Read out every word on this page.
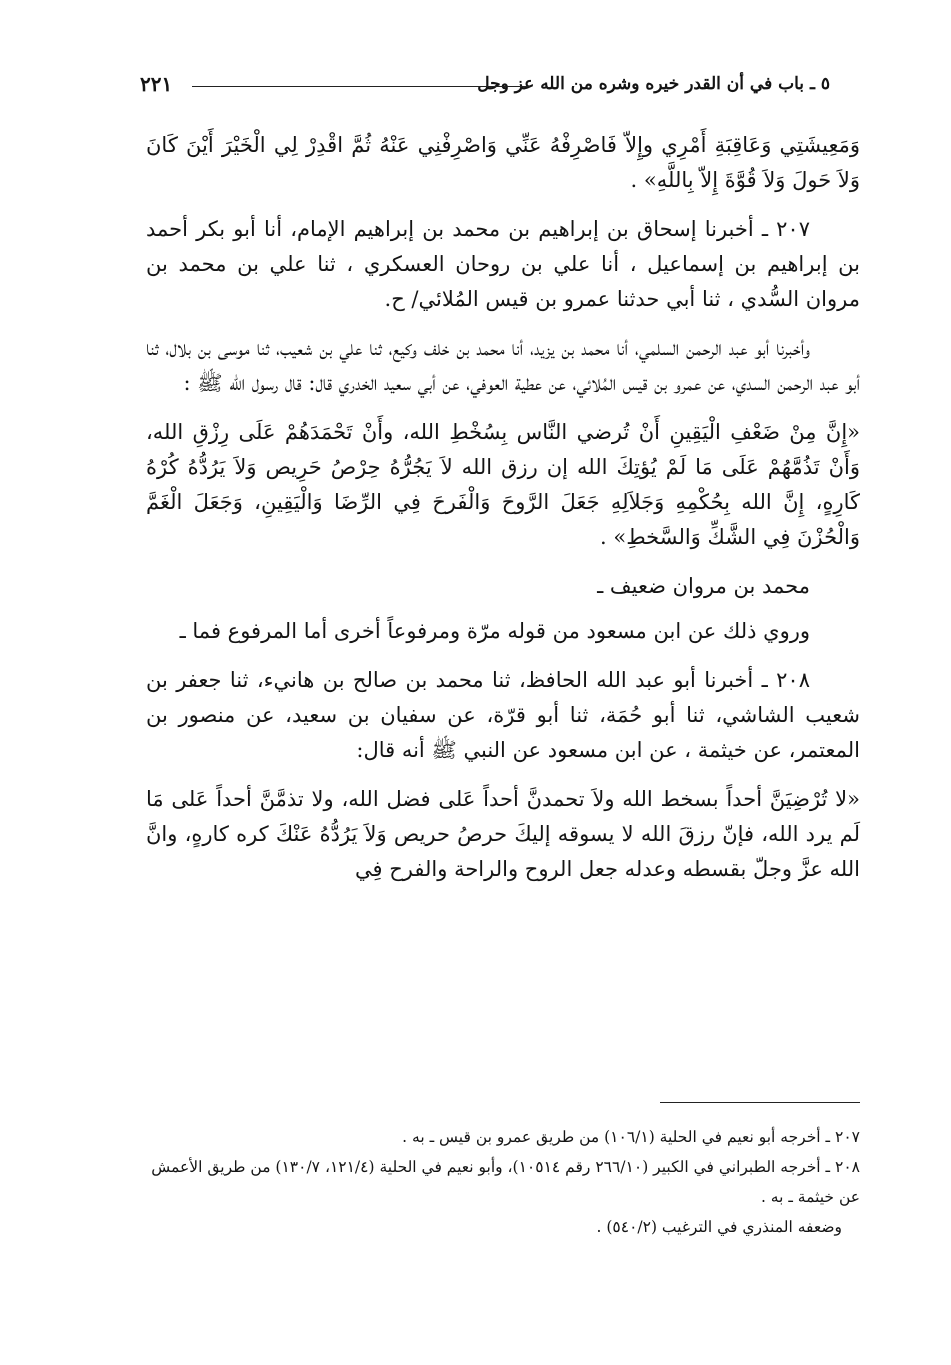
٥ ـ باب في أن القدر خيره وشره من الله عز وجل
٢٢١

وَمَعِيشَتِي وَعَاقِبَةِ أَمْرِي وإِلاّ فَاصْرِفْهُ عَنِّي وَاصْرِفْنِي عَنْهُ ثُمَّ اقْدِرْ لِي الْخَيْرَ أَيْنَ كَانَ وَلاَ حَولَ وَلاَ قُوَّةَ إِلاّ بِاللَّهِ» .

٢٠٧ ـ أخبرنا إسحاق بن إبراهيم بن محمد بن إبراهيم الإمام، أنا أبو بكر أحمد بن إبراهيم بن إسماعيل ، أنا علي بن روحان العسكري ، ثنا علي بن محمد بن مروان السُّدي ، ثنا أبي حدثنا عمرو بن قيس المُلائي/ ح.

وأخبرنا أبو عبد الرحمن السلمي، أنا محمد بن يزيد، أنا محمد بن خلف وكيع، ثنا علي بن شعيب، ثنا موسى بن بلال، ثنا أبو عبد الرحمن السدي، عن عمرو بن قيس المُلائي، عن عطية العوفي، عن أبي سعيد الخدري قال: قال رسول الله ﷺ :

«إِنَّ مِنْ ضَعْفِ الْيَقِينِ أَنْ تُرضي النَّاس بِسُخْطِ الله، وأَنْ تَحْمَدَهُمْ عَلَى رِزْقِ الله، وَأَنْ تَذُمَّهُمْ عَلَى مَا لَمْ يُؤتِكَ الله إن رزق الله لاَ يَجُرُّهُ حِرْصُ حَرِيص وَلاَ يَرُدُّهُ كُرْهُ كَارِهٍ، إِنَّ الله بِحُكْمِهِ وَجَلاَلِهِ جَعَلَ الرَّوحَ وَالْفَرحَ فِي الرِّضَا وَالْيَقِينِ، وَجَعَلَ الْغَمَّ وَالْحُزْنَ فِي الشَّكِّ وَالسَّخطِ» .

محمد بن مروان ضعيف ـ

وروي ذلك عن ابن مسعود من قوله مرّة ومرفوعاً أخرى أما المرفوع فما ـ

٢٠٨ ـ أخبرنا أبو عبد الله الحافظ، ثنا محمد بن صالح بن هانيء، ثنا جعفر بن شعيب الشاشي، ثنا أبو حُمَة، ثنا أبو قرّة، عن سفيان بن سعيد، عن منصور بن المعتمر، عن خيثمة ، عن ابن مسعود عن النبي ﷺ أنه قال:

«لا تُرْضِيَنَّ أحداً بسخط الله ولاَ تحمدنَّ أحداً عَلى فضل الله، ولا تذمَّنَّ أحداً عَلى مَا لَم يرد الله، فإنّ رزقَ الله لا يسوقه إليكَ حرصُ حريص وَلاَ يَرُدُّهُ عَنْكَ كره كارهٍ، وانَّ الله عزَّ وجلّ بقسطه وعدله جعل الروح والراحة والفرح فِي

٢٠٧ ـ أخرجه أبو نعيم في الحلية (١٠٦/١) من طريق عمرو بن قيس ـ به .

٢٠٨ ـ أخرجه الطبراني في الكبير (٢٦٦/١٠ رقم ١٠٥١٤)، وأبو نعيم في الحلية (١٢١/٤، ١٣٠/٧) من طريق الأعمش عن خيثمة ـ به .

وضعفه المنذري في الترغيب (٥٤٠/٢) .
